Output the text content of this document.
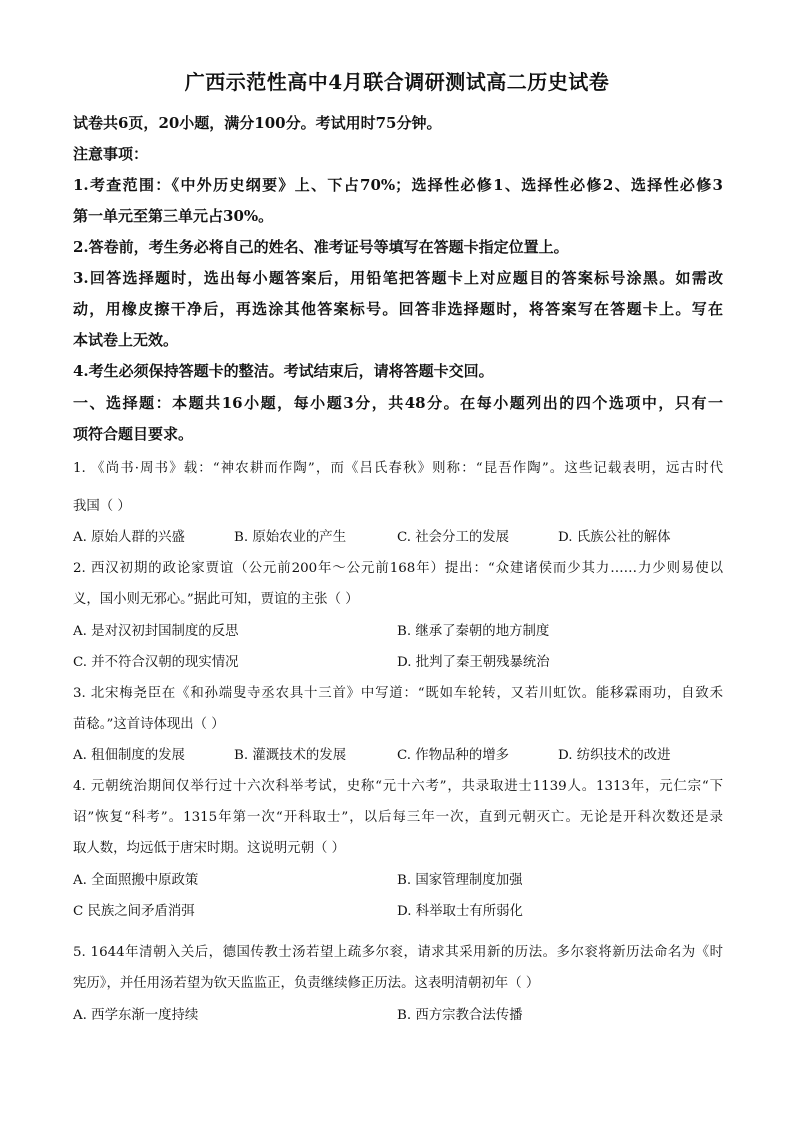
广西示范性高中4月联合调研测试高二历史试卷
试卷共6页，20小题，满分100分。考试用时75分钟。
注意事项：
1.考查范围：《中外历史纲要》上、下占70%；选择性必修1、选择性必修2、选择性必修3
第一单元至第三单元占30%。
2.答卷前，考生务必将自己的姓名、准考证号等填写在答题卡指定位置上。
3.回答选择题时，选出每小题答案后，用铅笔把答题卡上对应题目的答案标号涂黑。如需改
动，用橡皮擦干净后，再选涂其他答案标号。回答非选择题时，将答案写在答题卡上。写在
本试卷上无效。
4.考生必须保持答题卡的整洁。考试结束后，请将答题卡交回。
一、选择题：本题共16小题，每小题3分，共48分。在每小题列出的四个选项中，只有一
项符合题目要求。
1. 《尚书·周书》载：“神农耕而作陶”，而《吕氏春秋》则称：“昆吾作陶”。这些记载表明，远古时代
我国（ ）
A. 原始人群的兴盛	B. 原始农业的产生	C. 社会分工的发展	D. 氏族公社的解体
2. 西汉初期的政论家贾谊（公元前200年～公元前168年）提出：“众建诸侯而少其力……力少则易使以
义，国小则无邪心。”据此可知，贾谊的主张（ ）
A. 是对汉初封国制度的反思	B. 继承了秦朝的地方制度
C. 并不符合汉朝的现实情况	D. 批判了秦王朝残暴统治
3. 北宋梅尧臣在《和孙端叟寺丞农具十三首》中写道：“既如车轮转，又若川虹饮。能移霖雨功，自致禾
苗稔。”这首诗体现出（ ）
A. 租佃制度的发展	B. 灌溉技术的发展	C. 作物品种的增多	D. 纺织技术的改进
4. 元朝统治期间仅举行过十六次科举考试，史称“元十六考”，共录取进士1139人。1313年，元仁宗“下
诏”恢复“科考”。1315年第一次“开科取士”，以后每三年一次，直到元朝灭亡。无论是开科次数还是录
取人数，均远低于唐宋时期。这说明元朝（ ）
A. 全面照搬中原政策	B. 国家管理制度加强
C 民族之间矛盾消弭	D. 科举取士有所弱化
5. 1644年清朝入关后，德国传教士汤若望上疏多尔衮，请求其采用新的历法。多尔衮将新历法命名为《时
宪历》，并任用汤若望为钦天监监正，负责继续修正历法。这表明清朝初年（ ）
A. 西学东渐一度持续	B. 西方宗教合法传播
